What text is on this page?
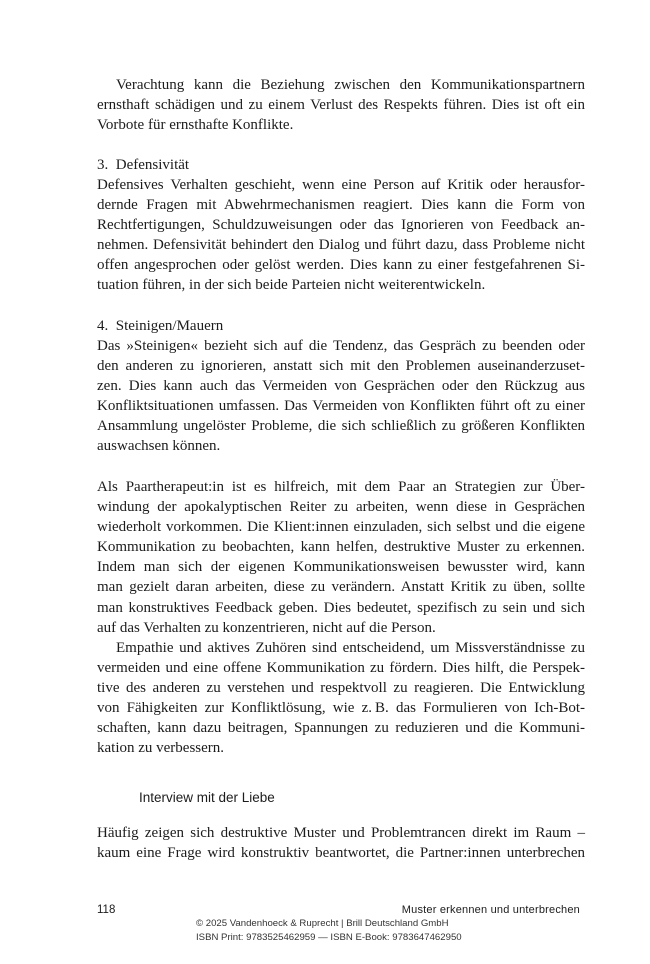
Verachtung kann die Beziehung zwischen den Kommunikationspartnern
ernsthaft schädigen und zu einem Verlust des Respekts führen. Dies ist oft ein
Vorbote für ernsthafte Konflikte.
3.  Defensivität
Defensives Verhalten geschieht, wenn eine Person auf Kritik oder herausfor-
dernde Fragen mit Abwehrmechanismen reagiert. Dies kann die Form von
Rechtfertigungen, Schuldzuweisungen oder das Ignorieren von Feedback an-
nehmen. Defensivität behindert den Dialog und führt dazu, dass Probleme nicht
offen angesprochen oder gelöst werden. Dies kann zu einer festgefahrenen Si-
tuation führen, in der sich beide Parteien nicht weiterentwickeln.
4.  Steinigen/Mauern
Das »Steinigen« bezieht sich auf die Tendenz, das Gespräch zu beenden oder
den anderen zu ignorieren, anstatt sich mit den Problemen auseinanderzuset-
zen. Dies kann auch das Vermeiden von Gesprächen oder den Rückzug aus
Konfliktsituationen umfassen. Das Vermeiden von Konflikten führt oft zu einer
Ansammlung ungelöster Probleme, die sich schließlich zu größeren Konflikten
auswachsen können.
Als Paartherapeut:in ist es hilfreich, mit dem Paar an Strategien zur Über-
windung der apokalyptischen Reiter zu arbeiten, wenn diese in Gesprächen
wiederholt vorkommen. Die Klient:innen einzuladen, sich selbst und die eigene
Kommunikation zu beobachten, kann helfen, destruktive Muster zu erkennen.
Indem man sich der eigenen Kommunikationsweisen bewusster wird, kann
man gezielt daran arbeiten, diese zu verändern. Anstatt Kritik zu üben, sollte
man konstruktives Feedback geben. Dies bedeutet, spezifisch zu sein und sich
auf das Verhalten zu konzentrieren, nicht auf die Person.
Empathie und aktives Zuhören sind entscheidend, um Missverständnisse zu
vermeiden und eine offene Kommunikation zu fördern. Dies hilft, die Perspek-
tive des anderen zu verstehen und respektvoll zu reagieren. Die Entwicklung
von Fähigkeiten zur Konfliktlösung, wie z. B. das Formulieren von Ich-Bot-
schaften, kann dazu beitragen, Spannungen zu reduzieren und die Kommuni-
kation zu verbessern.
Interview mit der Liebe
Häufig zeigen sich destruktive Muster und Problemtrancen direkt im Raum –
kaum eine Frage wird konstruktiv beantwortet, die Partner:innen unterbrechen
118	Muster erkennen und unterbrechen
© 2025 Vandenhoeck & Ruprecht | Brill Deutschland GmbH
ISBN Print: 9783525462959 — ISBN E-Book: 9783647462950
